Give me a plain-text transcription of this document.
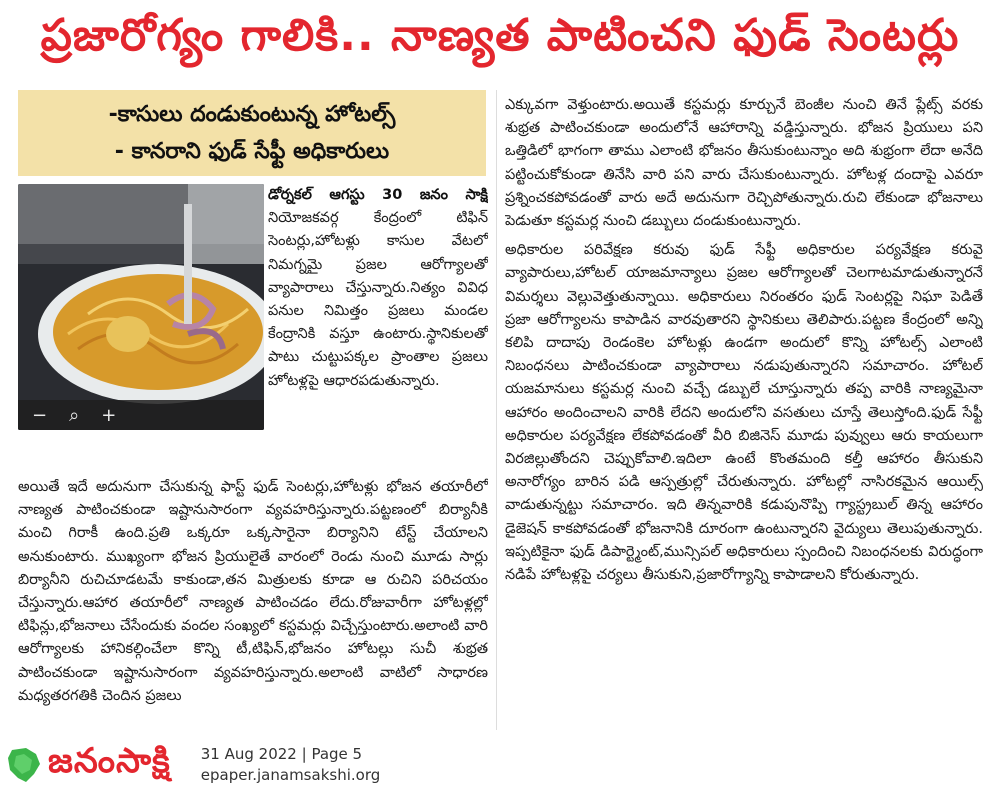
ప్రజారోగ్యం గాలికి.. నాణ్యత పాటించని ఫుడ్ సెంటర్లు
-కాసులు దండుకుంటున్న హోటల్స్
- కానరాని ఫుడ్ సేఫ్టీ అధికారులు
− ⌕ +
డోర్నకల్ ఆగస్టు 30 జనం సాక్షి నియోజకవర్గ కేంద్రంలో టిఫిన్ సెంటర్లు,హోటళ్లు కాసుల వేటలో నిమగ్నమై ప్రజల ఆరోగ్యాలతో వ్యాపారాలు చేస్తున్నారు.నిత్యం వివిధ పనుల నిమిత్తం ప్రజలు మండల కేంద్రానికి వస్తూ ఉంటారు.స్థానికులతో పాటు చుట్టుపక్కల ప్రాంతాల ప్రజలు హోటళ్లపై ఆధారపడుతున్నారు.
అయితే ఇదే అదునుగా చేసుకున్న ఫాస్ట్ ఫుడ్ సెంటర్లు,హోటళ్లు భోజన తయారీలో నాణ్యత పాటించకుండా ఇష్టానుసారంగా వ్యవహరిస్తున్నారు.పట్టణంలో బిర్యానీకి మంచి గిరాకీ ఉంది.ప్రతి ఒక్కరూ ఒక్కసారైనా బిర్యానిని టేస్ట్ చేయాలని అనుకుంటారు. ముఖ్యంగా భోజన ప్రియులైతే వారంలో రెండు నుంచి మూడు సార్లు బిర్యానీని రుచిచూడటమే కాకుండా,తన మిత్రులకు కూడా ఆ రుచిని పరిచయం చేస్తున్నారు.ఆహార తయారీలో నాణ్యత పాటించడం లేదు.రోజువారీగా హోటళ్లల్లో టిఫిన్లు,భోజనాలు చేసేందుకు వందల సంఖ్యలో కస్టమర్లు విచ్చేస్తుంటారు.అలాంటి వారి ఆరోగ్యాలకు హానికల్గించేలా కొన్ని టీ,టిఫిన్,భోజనం హోటల్లు సుచీ శుభ్రత పాటించకుండా ఇష్టానుసారంగా వ్యవహరిస్తున్నారు.అలాంటి వాటిలో సాధారణ మధ్యతరగతికి చెందిన ప్రజలు

ఎక్కువగా వెళ్తుంటారు.అయితే కస్టమర్లు కూర్చునే బెంజీల నుంచి తినే ప్లేట్స్ వరకు శుభ్రత పాటించకుండా అందులోనే ఆహారాన్ని వడ్డిస్తున్నారు. భోజన ప్రియులు పని ఒత్తిడిలో భాగంగా తాము ఎలాంటి భోజనం తీసుకుంటున్నాం అది శుభ్రంగా లేదా అనేది పట్టించుకోకుండా తినేసి వారి పని వారు చేసుకుంటున్నారు. హోటళ్ల దందాపై ఎవరూ ప్రశ్నించకపోవడంతో వారు అదే అదునుగా రెచ్చిపోతున్నారు.రుచి లేకుండా భోజనాలు పెడుతూ కస్టమర్ల నుంచి డబ్బులు దండుకుంటున్నారు.

అధికారుల పరివేక్షణ కరువు ఫుడ్ సేఫ్టీ అధికారుల పర్యవేక్షణ కరువై వ్యాపారులు,హోటల్ యాజమాన్యాలు ప్రజల ఆరోగ్యాలతో చెలగాటమాడుతున్నారనే విమర్శలు వెల్లువెత్తుతున్నాయి. అధికారులు నిరంతరం ఫుడ్ సెంటర్లపై నిఘా పెడితే ప్రజా ఆరోగ్యాలను కాపాడిన వారవుతారని స్థానికులు తెలిపారు.పట్టణ కేంద్రంలో అన్ని కలిపి దాదాపు రెండంకెల హోటళ్లు ఉండగా అందులో కొన్ని హోటల్స్ ఎలాంటి నిబంధనలు పాటించకుండా వ్యాపారాలు నడుపుతున్నారని సమాచారం. హోటల్ యజమానులు కస్టమర్ల నుంచి వచ్చే డబ్బులే చూస్తున్నారు తప్ప వారికి నాణ్యమైనా ఆహారం అందించాలని వారికి లేదని అందులోని వసతులు చూస్తే తెలుస్తోంది.ఫుడ్ సేఫ్టీ అధికారుల పర్యవేక్షణ లేకపోవడంతో వీరి బిజినెస్ మూడు పువ్వులు ఆరు కాయలుగా విరజిల్లుతోందని చెప్పుకోవాలి.ఇదిలా ఉంటే కొంతమంది కల్తీ ఆహారం తీసుకుని అనారోగ్యం బారిన పడి ఆస్పత్రుల్లో చేరుతున్నారు. హోటల్లో నాసిరకమైన ఆయిల్స్ వాడుతున్నట్టు సమాచారం. ఇది తిన్నవారికి కడుపునొప్పి గ్యాస్ట్రబుల్ తిన్న ఆహారం డైజెషన్ కాకపోవడంతో భోజనానికి దూరంగా ఉంటున్నారని వైద్యులు తెలుపుతున్నారు. ఇప్పటికైనా ఫుడ్ డిపార్ట్మెంట్,మున్సిపల్ అధికారులు స్పందించి నిబంధనలకు విరుద్ధంగా నడిపే హోటళ్లపై చర్యలు తీసుకుని,ప్రజారోగ్యాన్ని కాపాడాలని కోరుతున్నారు.

జనంసాక్షి 31 Aug 2022 | Page 5
epaper.janamsakshi.org
